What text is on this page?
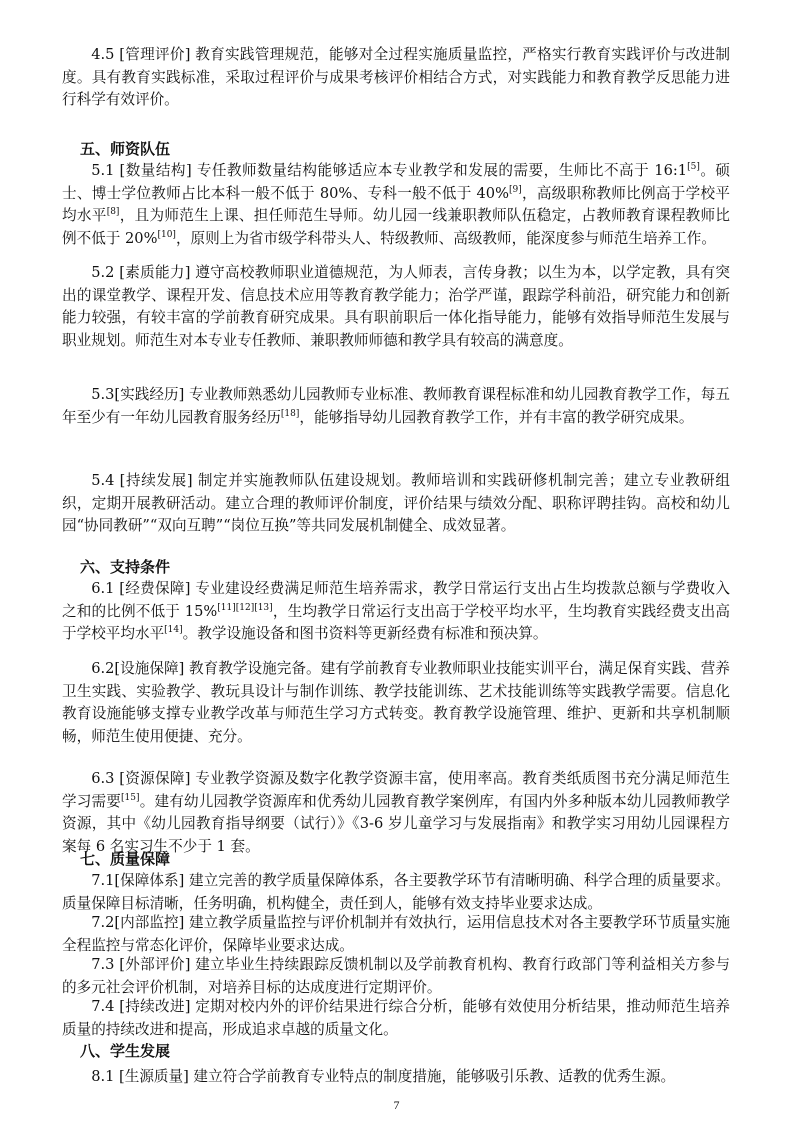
4.5 [管理评价] 教育实践管理规范，能够对全过程实施质量监控，严格实行教育实践评价与改进制度。具有教育实践标准，采取过程评价与成果考核评价相结合方式，对实践能力和教育教学反思能力进行科学有效评价。

五、师资队伍

5.1 [数量结构] 专任教师数量结构能够适应本专业教学和发展的需要，生师比不高于 16:1[5]。硕士、博士学位教师占比本科一般不低于 80%、专科一般不低于 40%[9]，高级职称教师比例高于学校平均水平[8]，且为师范生上课、担任师范生导师。幼儿园一线兼职教师队伍稳定，占教师教育课程教师比例不低于 20%[10]，原则上为省市级学科带头人、特级教师、高级教师，能深度参与师范生培养工作。

5.2 [素质能力] 遵守高校教师职业道德规范，为人师表，言传身教；以生为本，以学定教，具有突出的课堂教学、课程开发、信息技术应用等教育教学能力；治学严谨，跟踪学科前沿，研究能力和创新能力较强，有较丰富的学前教育研究成果。具有职前职后一体化指导能力，能够有效指导师范生发展与职业规划。师范生对本专业专任教师、兼职教师师德和教学具有较高的满意度。

5.3[实践经历] 专业教师熟悉幼儿园教师专业标准、教师教育课程标准和幼儿园教育教学工作，每五年至少有一年幼儿园教育服务经历[18]，能够指导幼儿园教育教学工作，并有丰富的教学研究成果。

5.4 [持续发展] 制定并实施教师队伍建设规划。教师培训和实践研修机制完善；建立专业教研组织，定期开展教研活动。建立合理的教师评价制度，评价结果与绩效分配、职称评聘挂钩。高校和幼儿园“协同教研”“双向互聘”“岗位互换”等共同发展机制健全、成效显著。

六、支持条件

6.1 [经费保障] 专业建设经费满足师范生培养需求，教学日常运行支出占生均拨款总额与学费收入之和的比例不低于 15%[11][12][13]，生均教学日常运行支出高于学校平均水平，生均教育实践经费支出高于学校平均水平[14]。教学设施设备和图书资料等更新经费有标准和预决算。

6.2[设施保障] 教育教学设施完备。建有学前教育专业教师职业技能实训平台，满足保育实践、营养卫生实践、实验教学、教玩具设计与制作训练、教学技能训练、艺术技能训练等实践教学需要。信息化教育设施能够支撑专业教学改革与师范生学习方式转变。教育教学设施管理、维护、更新和共享机制顺畅，师范生使用便捷、充分。

6.3 [资源保障] 专业教学资源及数字化教学资源丰富，使用率高。教育类纸质图书充分满足师范生学习需要[15]。建有幼儿园教学资源库和优秀幼儿园教育教学案例库，有国内外多种版本幼儿园教师教学资源，其中《幼儿园教育指导纲要（试行）》《3-6 岁儿童学习与发展指南》和教学实习用幼儿园课程方案每 6 名实习生不少于 1 套。

七、质量保障

7.1[保障体系] 建立完善的教学质量保障体系，各主要教学环节有清晰明确、科学合理的质量要求。质量保障目标清晰，任务明确，机构健全，责任到人，能够有效支持毕业要求达成。

7.2[内部监控] 建立教学质量监控与评价机制并有效执行，运用信息技术对各主要教学环节质量实施全程监控与常态化评价，保障毕业要求达成。

7.3 [外部评价] 建立毕业生持续跟踪反馈机制以及学前教育机构、教育行政部门等利益相关方参与的多元社会评价机制，对培养目标的达成度进行定期评价。

7.4 [持续改进] 定期对校内外的评价结果进行综合分析，能够有效使用分析结果，推动师范生培养质量的持续改进和提高，形成追求卓越的质量文化。

八、学生发展

8.1 [生源质量] 建立符合学前教育专业特点的制度措施，能够吸引乐教、适教的优秀生源。

7
